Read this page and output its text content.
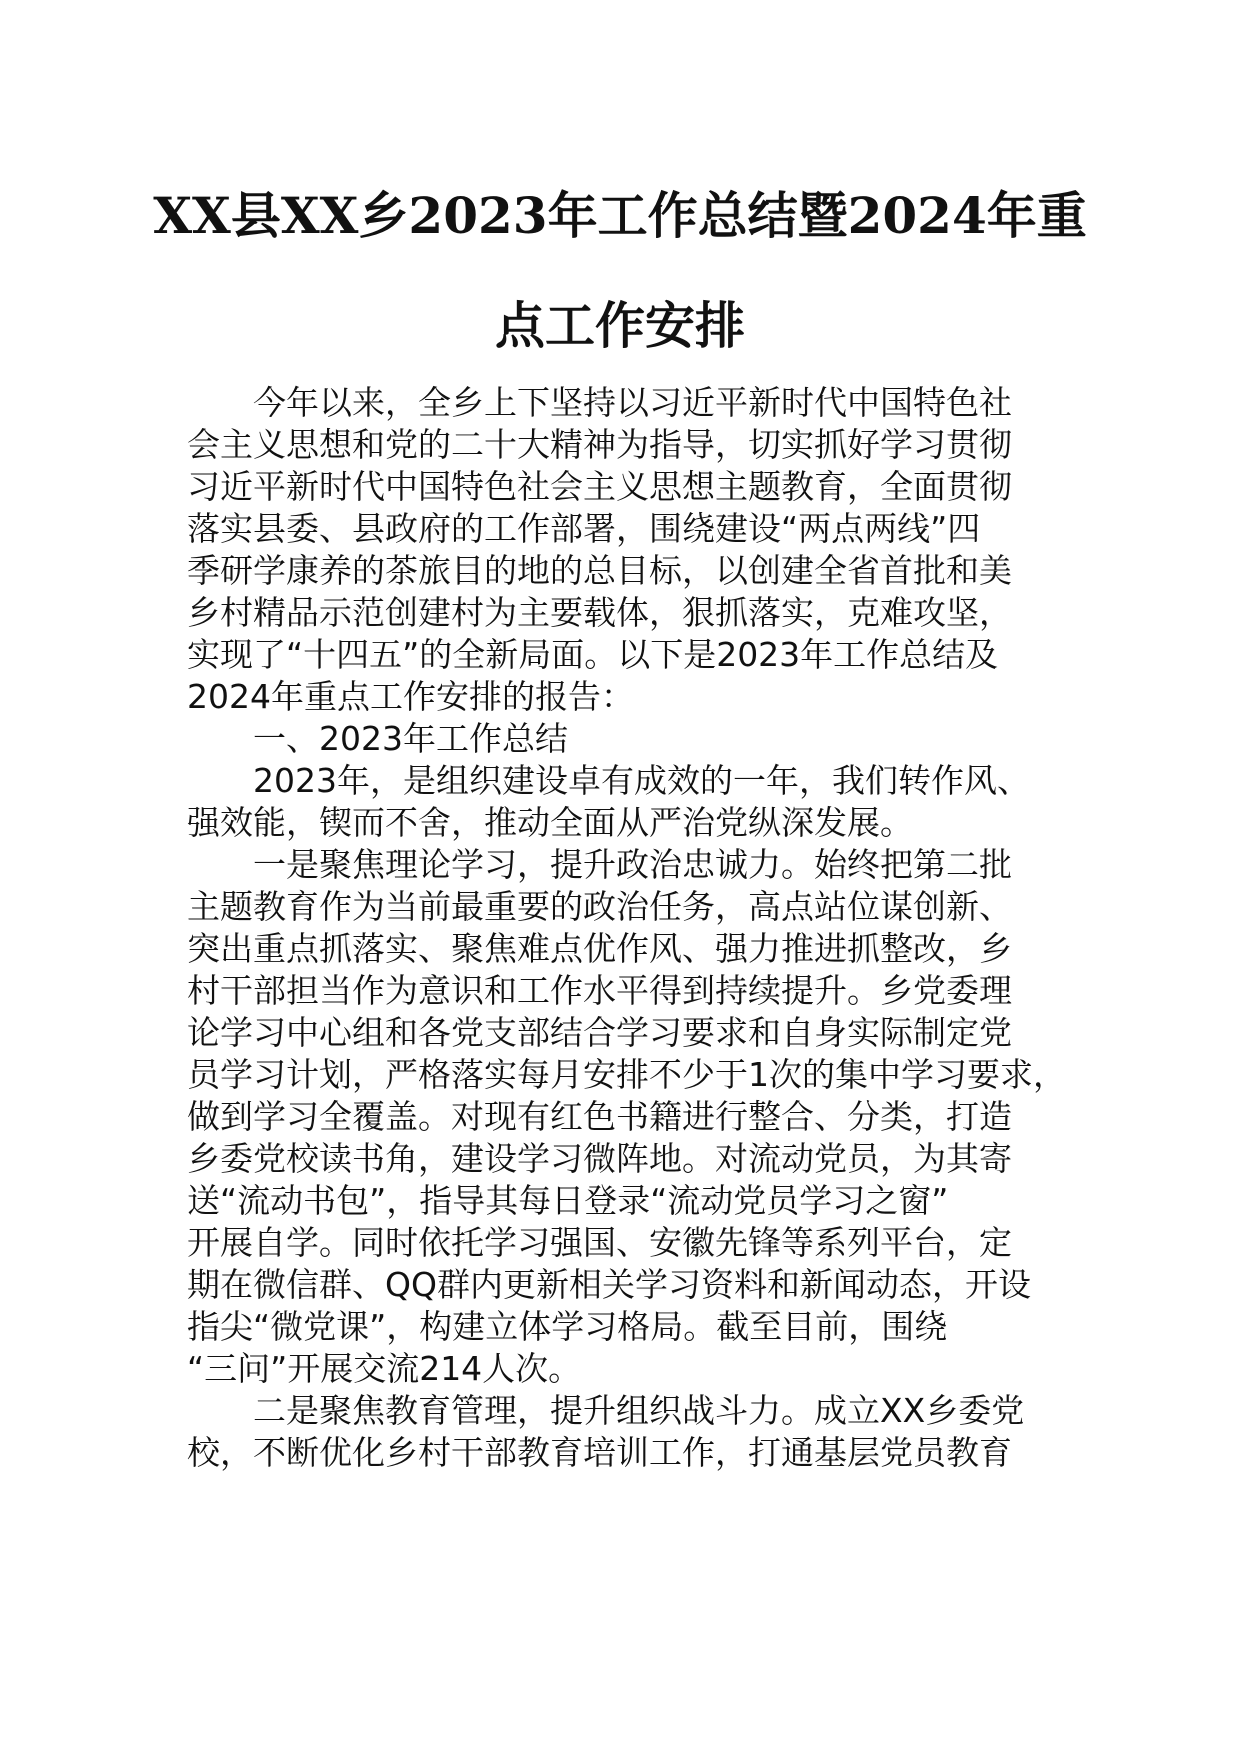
XX县XX乡2023年工作总结暨2024年重
点工作安排

今年以来，全乡上下坚持以习近平新时代中国特色社

会主义思想和党的二十大精神为指导，切实抓好学习贯彻

习近平新时代中国特色社会主义思想主题教育，全面贯彻

落实县委、县政府的工作部署，围绕建设“两点两线”四

季研学康养的茶旅目的地的总目标，以创建全省首批和美

乡村精品示范创建村为主要载体，狠抓落实，克难攻坚，

实现了“十四五”的全新局面。以下是2023年工作总结及

2024年重点工作安排的报告：

一、2023年工作总结

2023年，是组织建设卓有成效的一年，我们转作风、

强效能，锲而不舍，推动全面从严治党纵深发展。

一是聚焦理论学习，提升政治忠诚力。始终把第二批

主题教育作为当前最重要的政治任务，高点站位谋创新、

突出重点抓落实、聚焦难点优作风、强力推进抓整改，乡

村干部担当作为意识和工作水平得到持续提升。乡党委理

论学习中心组和各党支部结合学习要求和自身实际制定党

员学习计划，严格落实每月安排不少于1次的集中学习要求，

做到学习全覆盖。对现有红色书籍进行整合、分类，打造

乡委党校读书角，建设学习微阵地。对流动党员，为其寄

送“流动书包”，指导其每日登录“流动党员学习之窗”

开展自学。同时依托学习强国、安徽先锋等系列平台，定

期在微信群、QQ群内更新相关学习资料和新闻动态，开设

指尖“微党课”，构建立体学习格局。截至目前，围绕

“三问”开展交流214人次。

二是聚焦教育管理，提升组织战斗力。成立XX乡委党

校，不断优化乡村干部教育培训工作，打通基层党员教育
